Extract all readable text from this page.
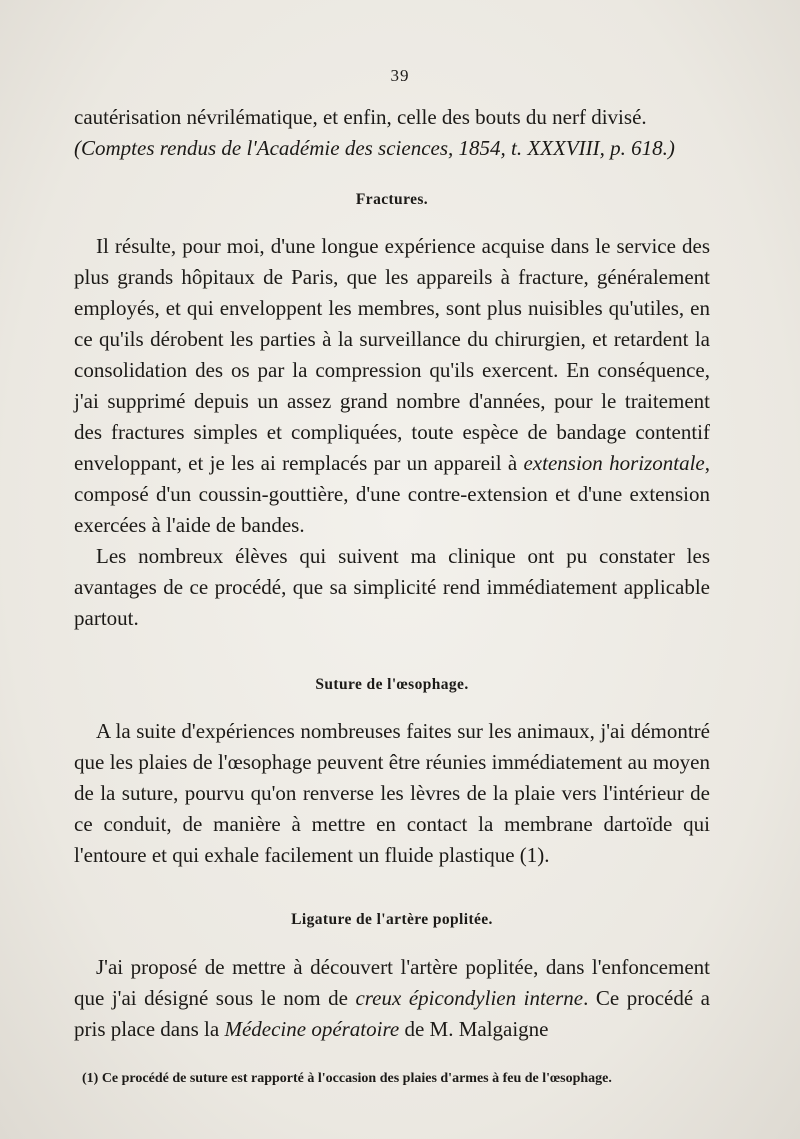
39

cautérisation névrilématique, et enfin, celle des bouts du nerf divisé.

(Comptes rendus de l'Académie des sciences, 1854, t. XXXVIII, p. 618.)

Fractures.

Il résulte, pour moi, d'une longue expérience acquise dans le service des plus grands hôpitaux de Paris, que les appareils à fracture, généralement employés, et qui enveloppent les membres, sont plus nuisibles qu'utiles, en ce qu'ils dérobent les parties à la surveillance du chirurgien, et retardent la consolidation des os par la compression qu'ils exercent. En conséquence, j'ai supprimé depuis un assez grand nombre d'années, pour le traitement des fractures simples et compliquées, toute espèce de bandage contentif enveloppant, et je les ai remplacés par un appareil à extension horizontale, composé d'un coussin-gouttière, d'une contre-extension et d'une extension exercées à l'aide de bandes.

Les nombreux élèves qui suivent ma clinique ont pu constater les avantages de ce procédé, que sa simplicité rend immédiatement applicable partout.

Suture de l'œsophage.

A la suite d'expériences nombreuses faites sur les animaux, j'ai démontré que les plaies de l'œsophage peuvent être réunies immédiatement au moyen de la suture, pourvu qu'on renverse les lèvres de la plaie vers l'intérieur de ce conduit, de manière à mettre en contact la membrane dartoïde qui l'entoure et qui exhale facilement un fluide plastique (1).

Ligature de l'artère poplitée.

J'ai proposé de mettre à découvert l'artère poplitée, dans l'enfoncement que j'ai désigné sous le nom de creux épicondylien interne. Ce procédé a pris place dans la Médecine opératoire de M. Malgaigne

(1) Ce procédé de suture est rapporté à l'occasion des plaies d'armes à feu de l'œsophage.
